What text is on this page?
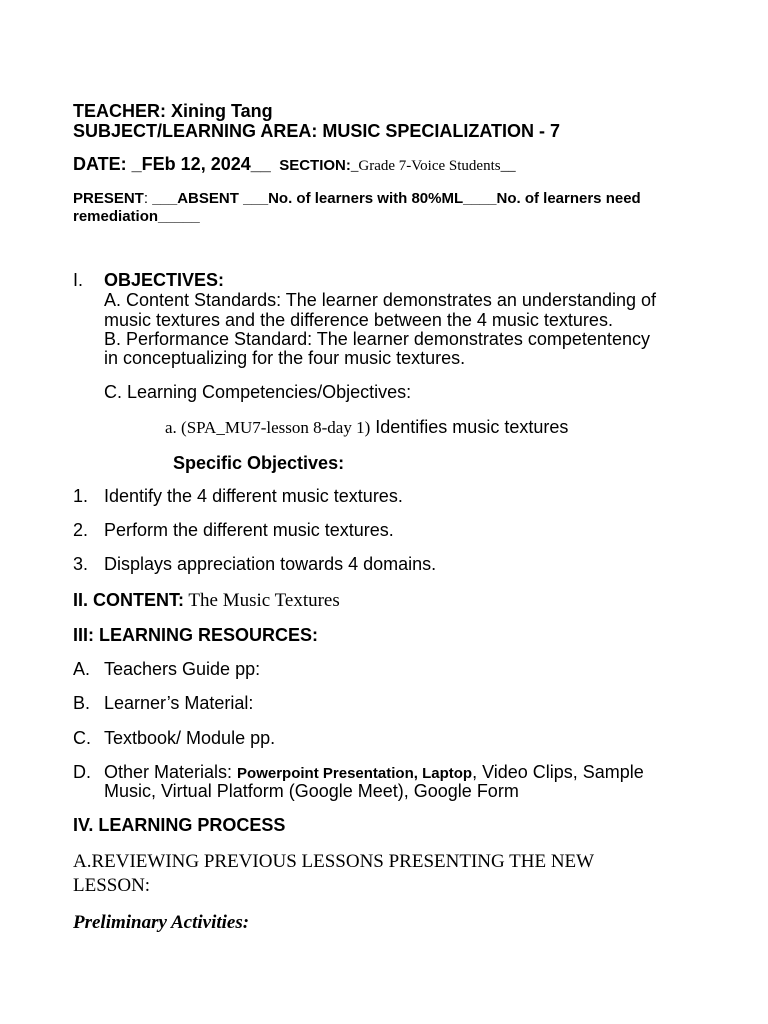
TEACHER: Xining Tang
SUBJECT/LEARNING AREA: MUSIC SPECIALIZATION - 7
DATE: _FEb 12, 2024__ SECTION:_Grade 7-Voice Students__
PRESENT: ___ABSENT ___No. of learners with 80%ML____No. of learners need
remediation_____
I. OBJECTIVES:
A. Content Standards: The learner demonstrates an understanding of
music textures and the difference between the 4 music textures.
B. Performance Standard: The learner demonstrates competentency
in conceptualizing for the four music textures.
C. Learning Competencies/Objectives:
a. (SPA_MU7-lesson 8-day 1) Identifies music textures
Specific Objectives:
1. Identify the 4 different music textures.
2. Perform the different music textures.
3. Displays appreciation towards 4 domains.
II. CONTENT: The Music Textures
III: LEARNING RESOURCES:
A. Teachers Guide pp:
B. Learner’s Material:
C. Textbook/ Module pp.
D. Other Materials: Powerpoint Presentation, Laptop, Video Clips, Sample
Music, Virtual Platform (Google Meet), Google Form
IV. LEARNING PROCESS
A.REVIEWING PREVIOUS LESSONS PRESENTING THE NEW
LESSON:
Preliminary Activities:
